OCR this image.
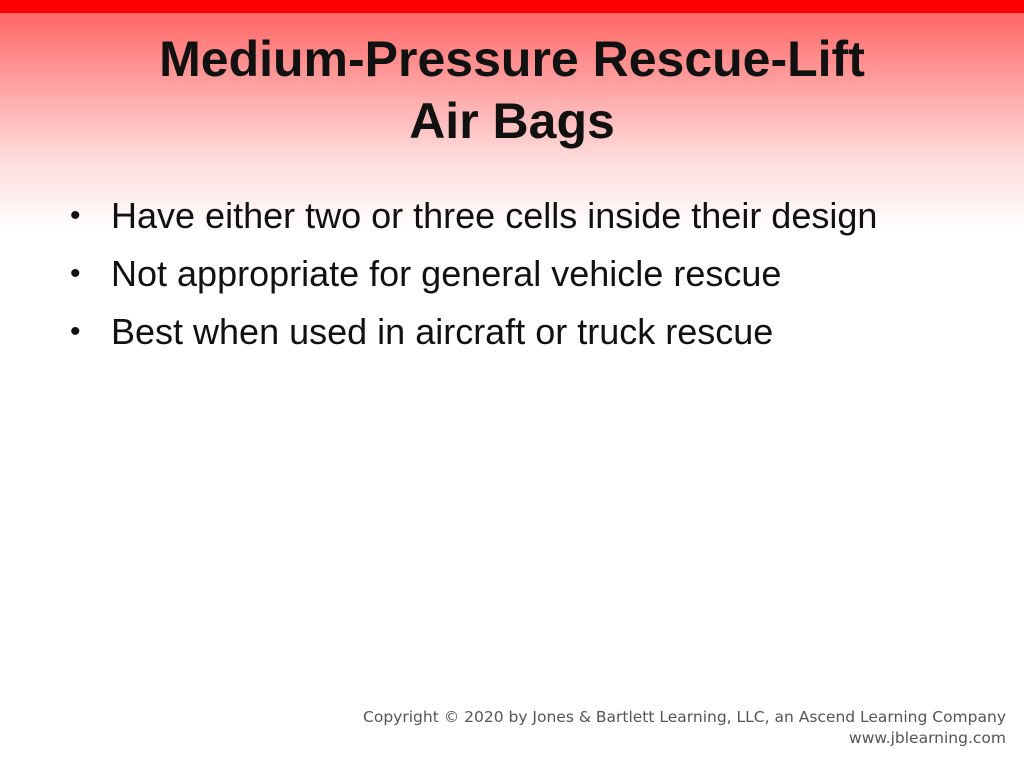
Medium-Pressure Rescue-Lift
Air Bags
• Have either two or three cells inside their design
• Not appropriate for general vehicle rescue
• Best when used in aircraft or truck rescue
Copyright © 2020 by Jones & Bartlett Learning, LLC, an Ascend Learning Company
www.jblearning.com
